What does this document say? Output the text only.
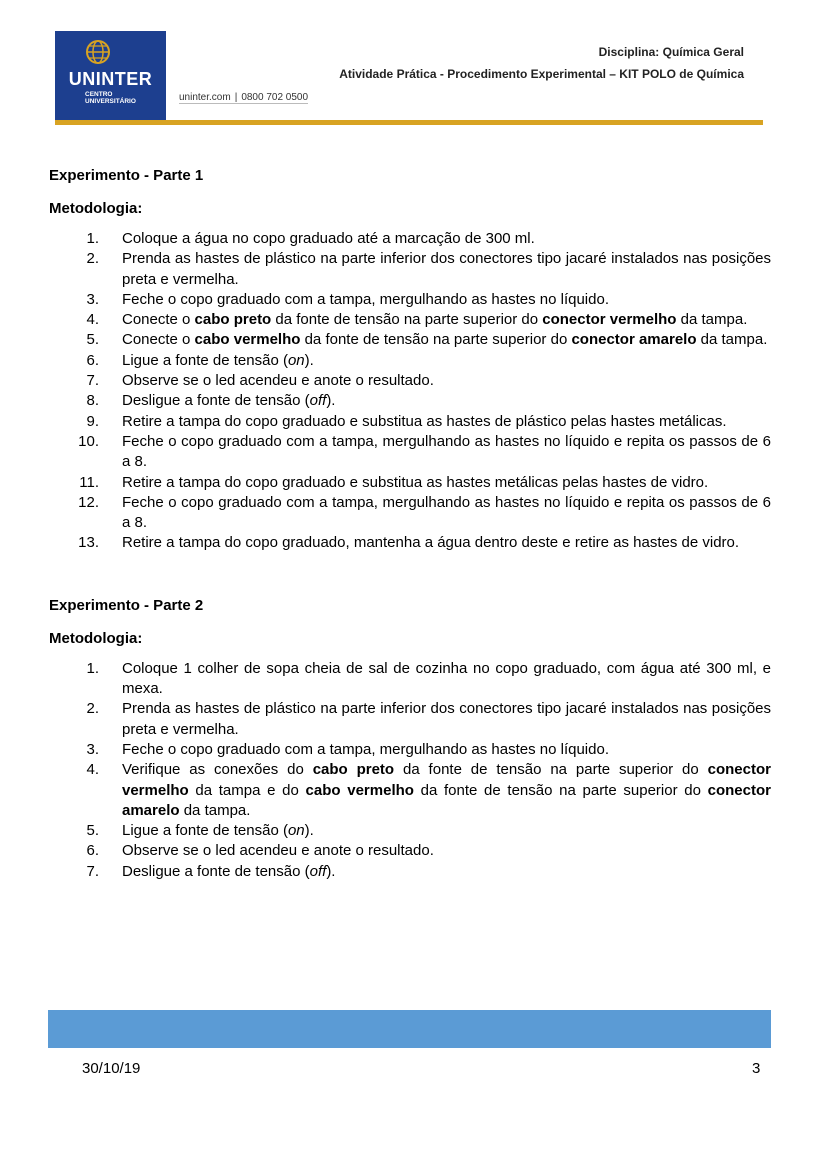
UNINTER
CENTRO
UNIVERSITÁRIO	uninter.com | 0800 702 0500
Disciplina: Química Geral
Atividade Prática - Procedimento Experimental – KIT POLO de Química
Experimento - Parte 1
Metodologia:
1. Coloque a água no copo graduado até a marcação de 300 ml.
2. Prenda as hastes de plástico na parte inferior dos conectores tipo jacaré instalados nas posições preta e vermelha.
3. Feche o copo graduado com a tampa, mergulhando as hastes no líquido.
4. Conecte o cabo preto da fonte de tensão na parte superior do conector vermelho da tampa.
5. Conecte o cabo vermelho da fonte de tensão na parte superior do conector amarelo da tampa.
6. Ligue a fonte de tensão (on).
7. Observe se o led acendeu e anote o resultado.
8. Desligue a fonte de tensão (off).
9. Retire a tampa do copo graduado e substitua as hastes de plástico pelas hastes metálicas.
10. Feche o copo graduado com a tampa, mergulhando as hastes no líquido e repita os passos de 6 a 8.
11. Retire a tampa do copo graduado e substitua as hastes metálicas pelas hastes de vidro.
12. Feche o copo graduado com a tampa, mergulhando as hastes no líquido e repita os passos de 6 a 8.
13. Retire a tampa do copo graduado, mantenha a água dentro deste e retire as hastes de vidro.
Experimento - Parte 2
Metodologia:
1. Coloque 1 colher de sopa cheia de sal de cozinha no copo graduado, com água até 300 ml, e mexa.
2. Prenda as hastes de plástico na parte inferior dos conectores tipo jacaré instalados nas posições preta e vermelha.
3. Feche o copo graduado com a tampa, mergulhando as hastes no líquido.
4. Verifique as conexões do cabo preto da fonte de tensão na parte superior do conector vermelho da tampa e do cabo vermelho da fonte de tensão na parte superior do conector amarelo da tampa.
5. Ligue a fonte de tensão (on).
6. Observe se o led acendeu e anote o resultado.
7. Desligue a fonte de tensão (off).
30/10/19	3
